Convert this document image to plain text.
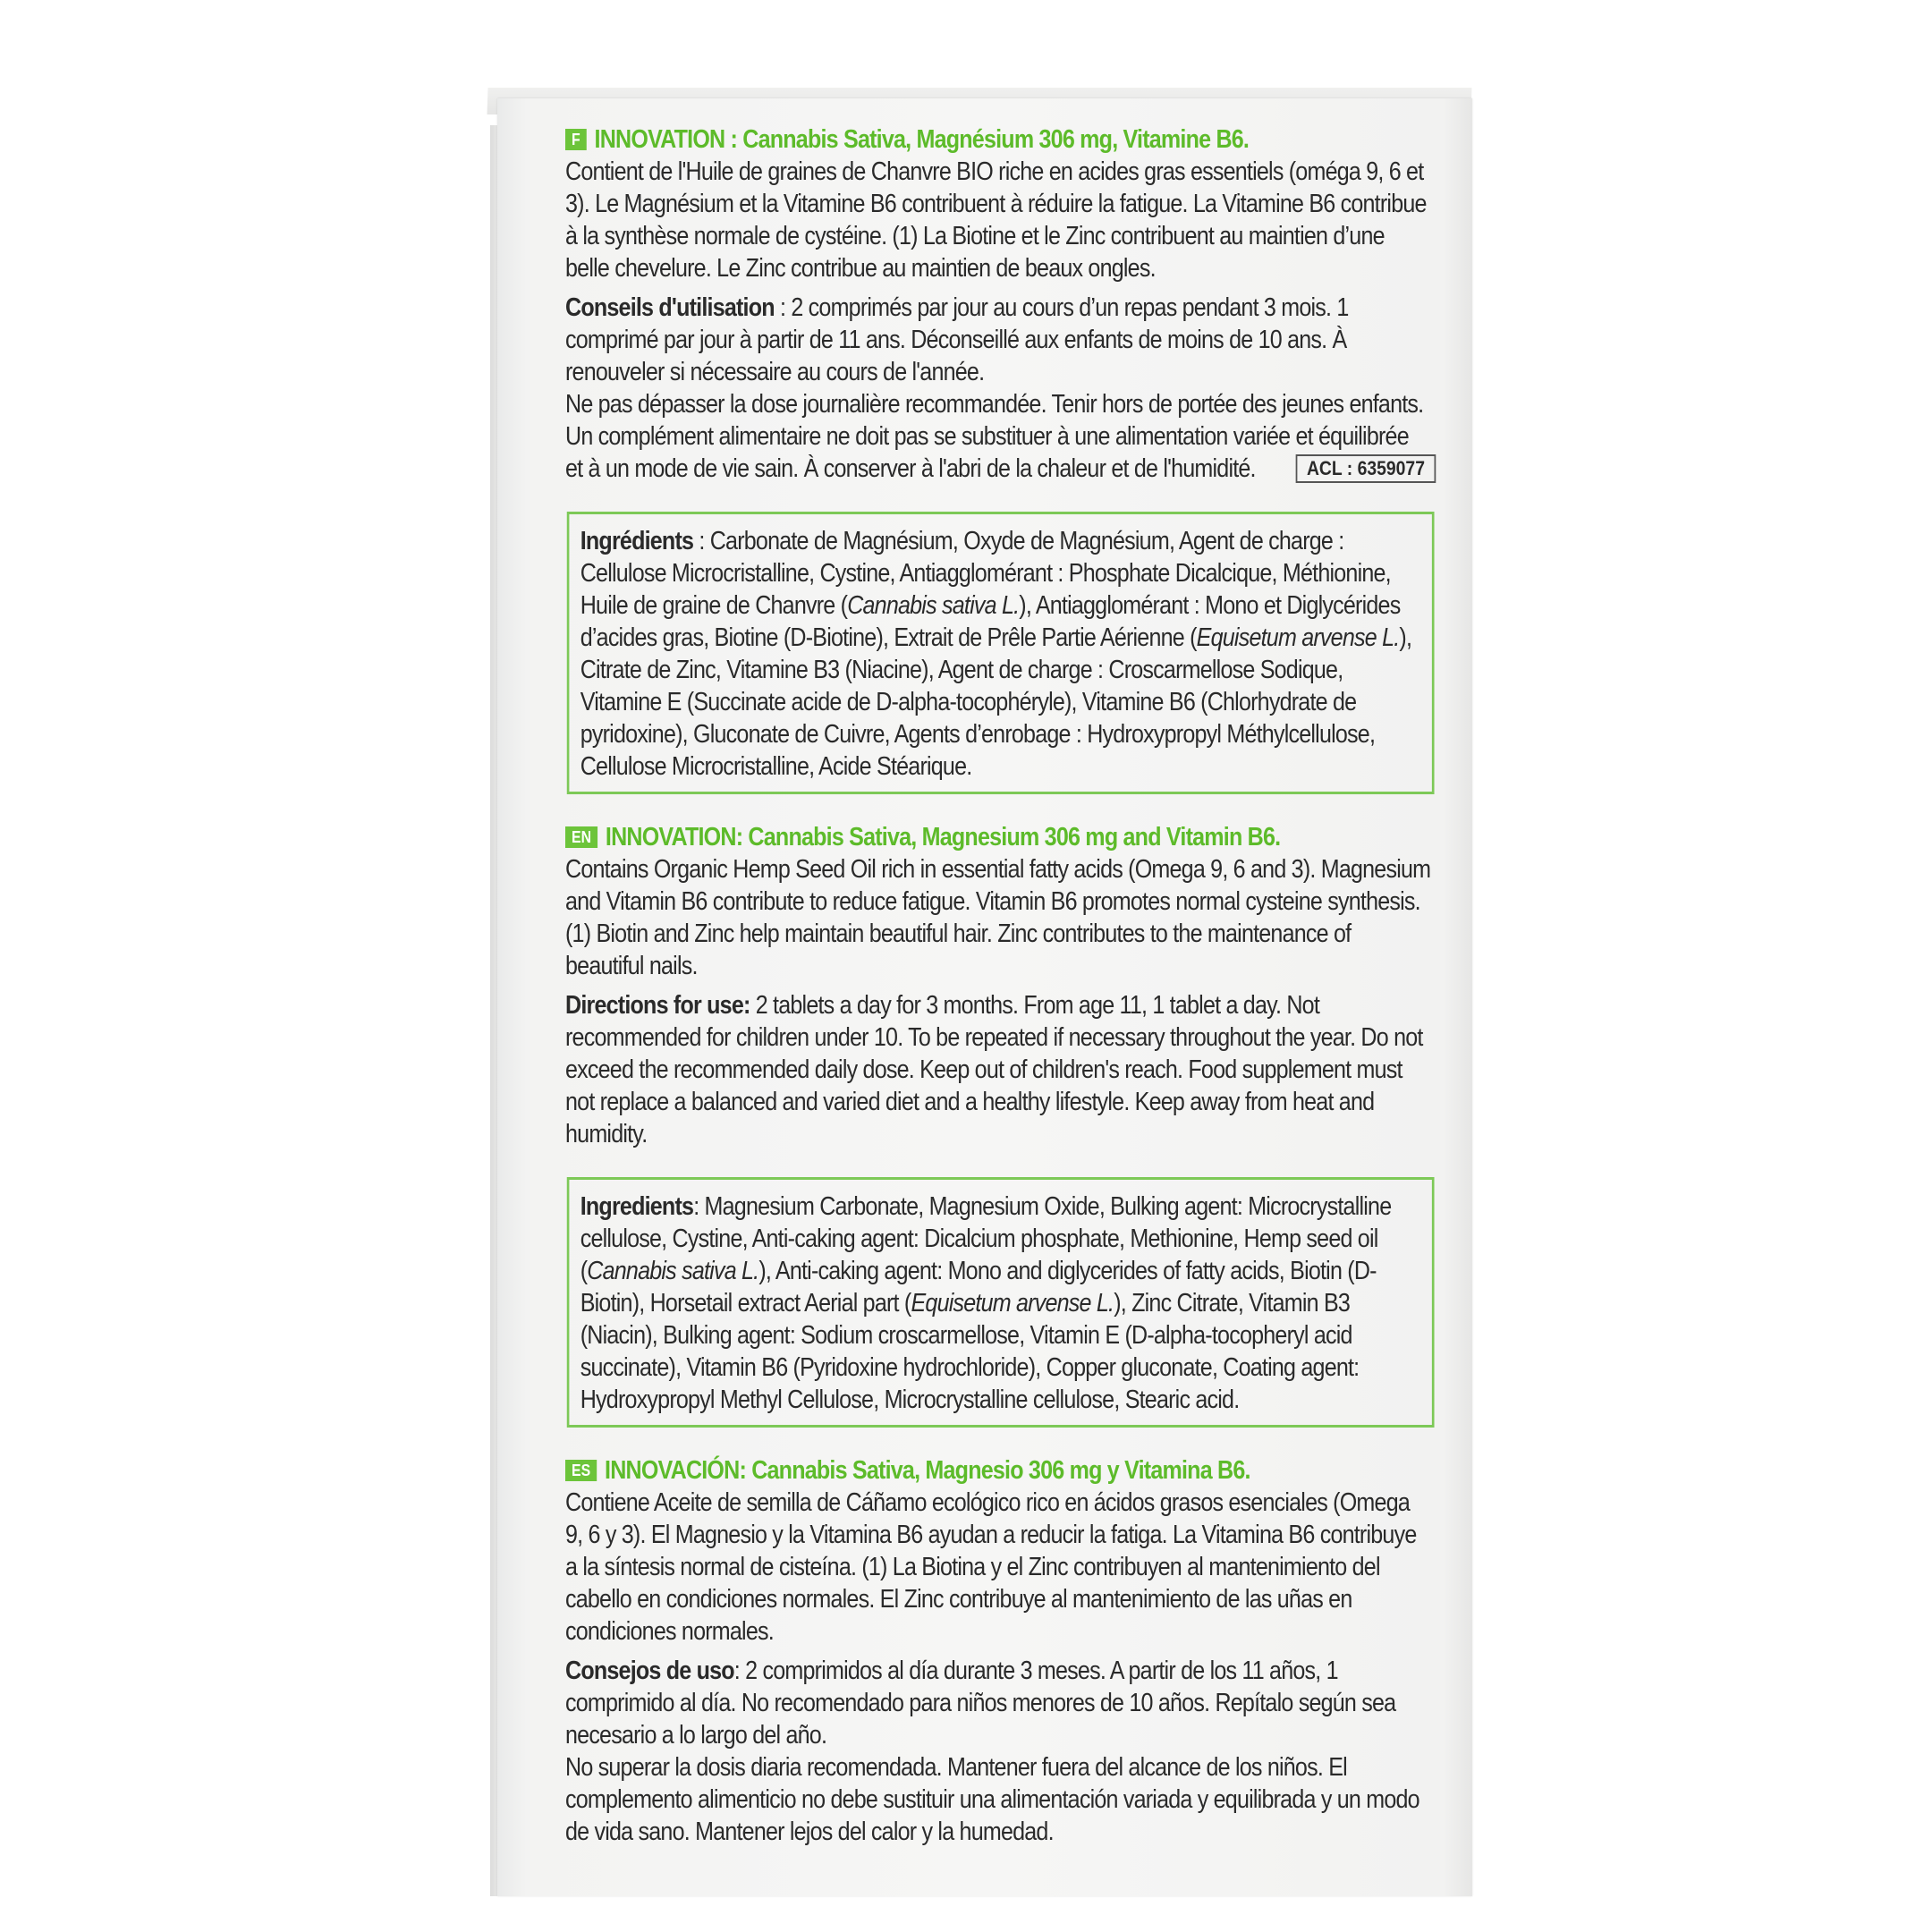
F INNOVATION : Cannabis Sativa, Magnésium 306 mg, Vitamine B6.

Contient de l'Huile de graines de Chanvre BIO riche en acides gras essentiels (oméga 9, 6 et 3). Le Magnésium et la Vitamine B6 contribuent à réduire la fatigue. La Vitamine B6 contribue à la synthèse normale de cystéine. (1) La Biotine et le Zinc contribuent au maintien d’une belle chevelure. Le Zinc contribue au maintien de beaux ongles.

Conseils d'utilisation : 2 comprimés par jour au cours d’un repas pendant 3 mois. 1 comprimé par jour à partir de 11 ans. Déconseillé aux enfants de moins de 10 ans. À renouveler si nécessaire au cours de l'année.

Ne pas dépasser la dose journalière recommandée. Tenir hors de portée des jeunes enfants. Un complément alimentaire ne doit pas se substituer à une alimentation variée et équilibrée et à un mode de vie sain. À conserver à l'abri de la chaleur et de l'humidité.	ACL : 6359077

Ingrédients : Carbonate de Magnésium, Oxyde de Magnésium, Agent de charge : Cellulose Microcristalline, Cystine, Antiagglomérant : Phosphate Dicalcique, Méthionine, Huile de graine de Chanvre (Cannabis sativa L.), Antiagglomérant : Mono et Diglycérides d’acides gras, Biotine (D-Biotine), Extrait de Prêle Partie Aérienne (Equisetum arvense L.), Citrate de Zinc, Vitamine B3 (Niacine), Agent de charge : Croscarmellose Sodique, Vitamine E (Succinate acide de D-alpha-tocophéryle), Vitamine B6 (Chlorhydrate de pyridoxine), Gluconate de Cuivre, Agents d’enrobage : Hydroxypropyl Méthylcellulose, Cellulose Microcristalline, Acide Stéarique.

EN INNOVATION: Cannabis Sativa, Magnesium 306 mg and Vitamin B6.

Contains Organic Hemp Seed Oil rich in essential fatty acids (Omega 9, 6 and 3). Magnesium and Vitamin B6 contribute to reduce fatigue. Vitamin B6 promotes normal cysteine synthesis. (1) Biotin and Zinc help maintain beautiful hair. Zinc contributes to the maintenance of beautiful nails.

Directions for use: 2 tablets a day for 3 months. From age 11, 1 tablet a day. Not recommended for children under 10. To be repeated if necessary throughout the year. Do not exceed the recommended daily dose. Keep out of children's reach. Food supplement must not replace a balanced and varied diet and a healthy lifestyle. Keep away from heat and humidity.

Ingredients: Magnesium Carbonate, Magnesium Oxide, Bulking agent: Microcrystalline cellulose, Cystine, Anti-caking agent: Dicalcium phosphate, Methionine, Hemp seed oil (Cannabis sativa L.), Anti-caking agent: Mono and diglycerides of fatty acids, Biotin (D-Biotin), Horsetail extract Aerial part (Equisetum arvense L.), Zinc Citrate, Vitamin B3 (Niacin), Bulking agent: Sodium croscarmellose, Vitamin E (D-alpha-tocopheryl acid succinate), Vitamin B6 (Pyridoxine hydrochloride), Copper gluconate, Coating agent: Hydroxypropyl Methyl Cellulose, Microcrystalline cellulose, Stearic acid.

ES INNOVACIÓN: Cannabis Sativa, Magnesio 306 mg y Vitamina B6.

Contiene Aceite de semilla de Cáñamo ecológico rico en ácidos grasos esenciales (Omega 9, 6 y 3). El Magnesio y la Vitamina B6 ayudan a reducir la fatiga. La Vitamina B6 contribuye a la síntesis normal de cisteína. (1) La Biotina y el Zinc contribuyen al mantenimiento del cabello en condiciones normales. El Zinc contribuye al mantenimiento de las uñas en condiciones normales.

Consejos de uso: 2 comprimidos al día durante 3 meses. A partir de los 11 años, 1 comprimido al día. No recomendado para niños menores de 10 años. Repítalo según sea necesario a lo largo del año.

No superar la dosis diaria recomendada. Mantener fuera del alcance de los niños. El complemento alimenticio no debe sustituir una alimentación variada y equilibrada y un modo de vida sano. Mantener lejos del calor y la humedad.
